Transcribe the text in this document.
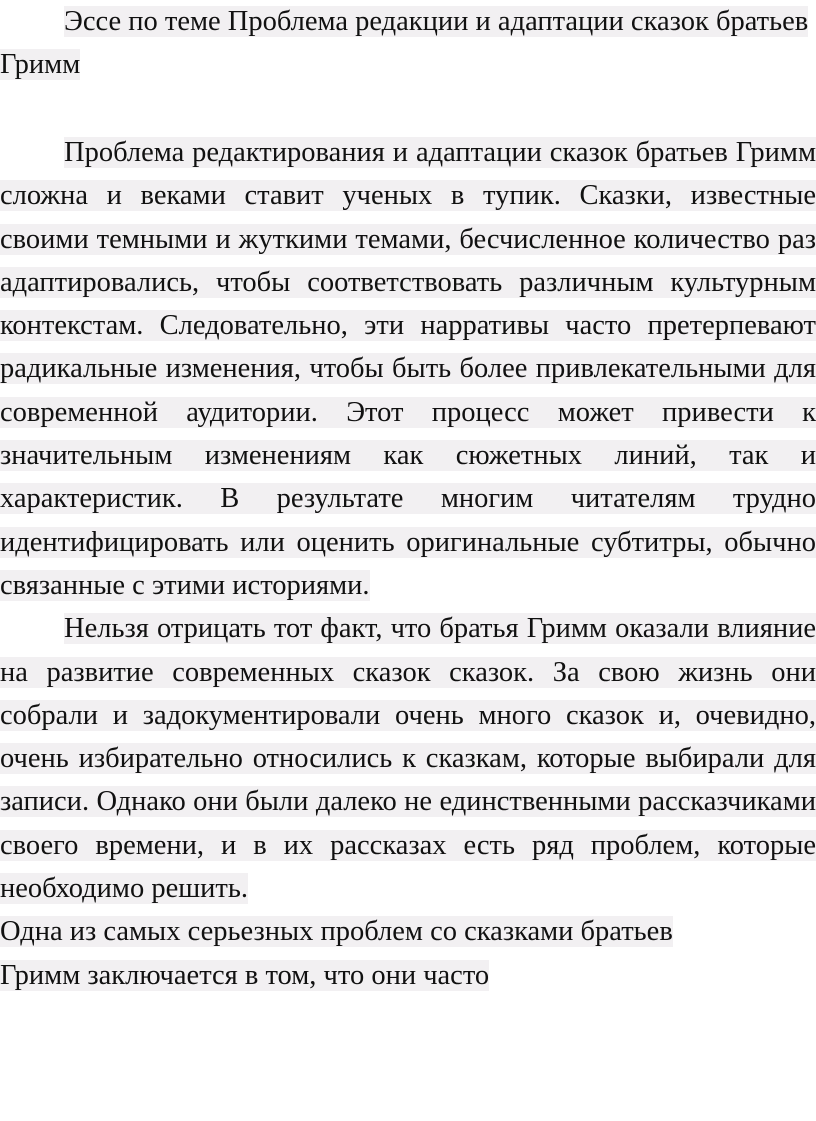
Эссе по теме Проблема редакции и адаптации сказок братьев Гримм

Проблема редактирования и адаптации сказок братьев Гримм сложна и веками ставит ученых в тупик. Сказки, известные своими темными и жуткими темами, бесчисленное количество раз адаптировались, чтобы соответствовать различным культурным контекстам. Следовательно, эти нарративы часто претерпевают радикальные изменения, чтобы быть более привлекательными для современной аудитории. Этот процесс может привести к значительным изменениям как сюжетных линий, так и характеристик. В результате многим читателям трудно идентифицировать или оценить оригинальные субтитры, обычно связанные с этими историями.

Нельзя отрицать тот факт, что братья Гримм оказали влияние на развитие современных сказок сказок. За свою жизнь они собрали и задокументировали очень много сказок и, очевидно, очень избирательно относились к сказкам, которые выбирали для записи. Однако они были далеко не единственными рассказчиками своего времени, и в их рассказах есть ряд проблем, которые необходимо решить.

Одна из самых серьезных проблем со сказками братьев

Гримм заключается в том, что они часто
